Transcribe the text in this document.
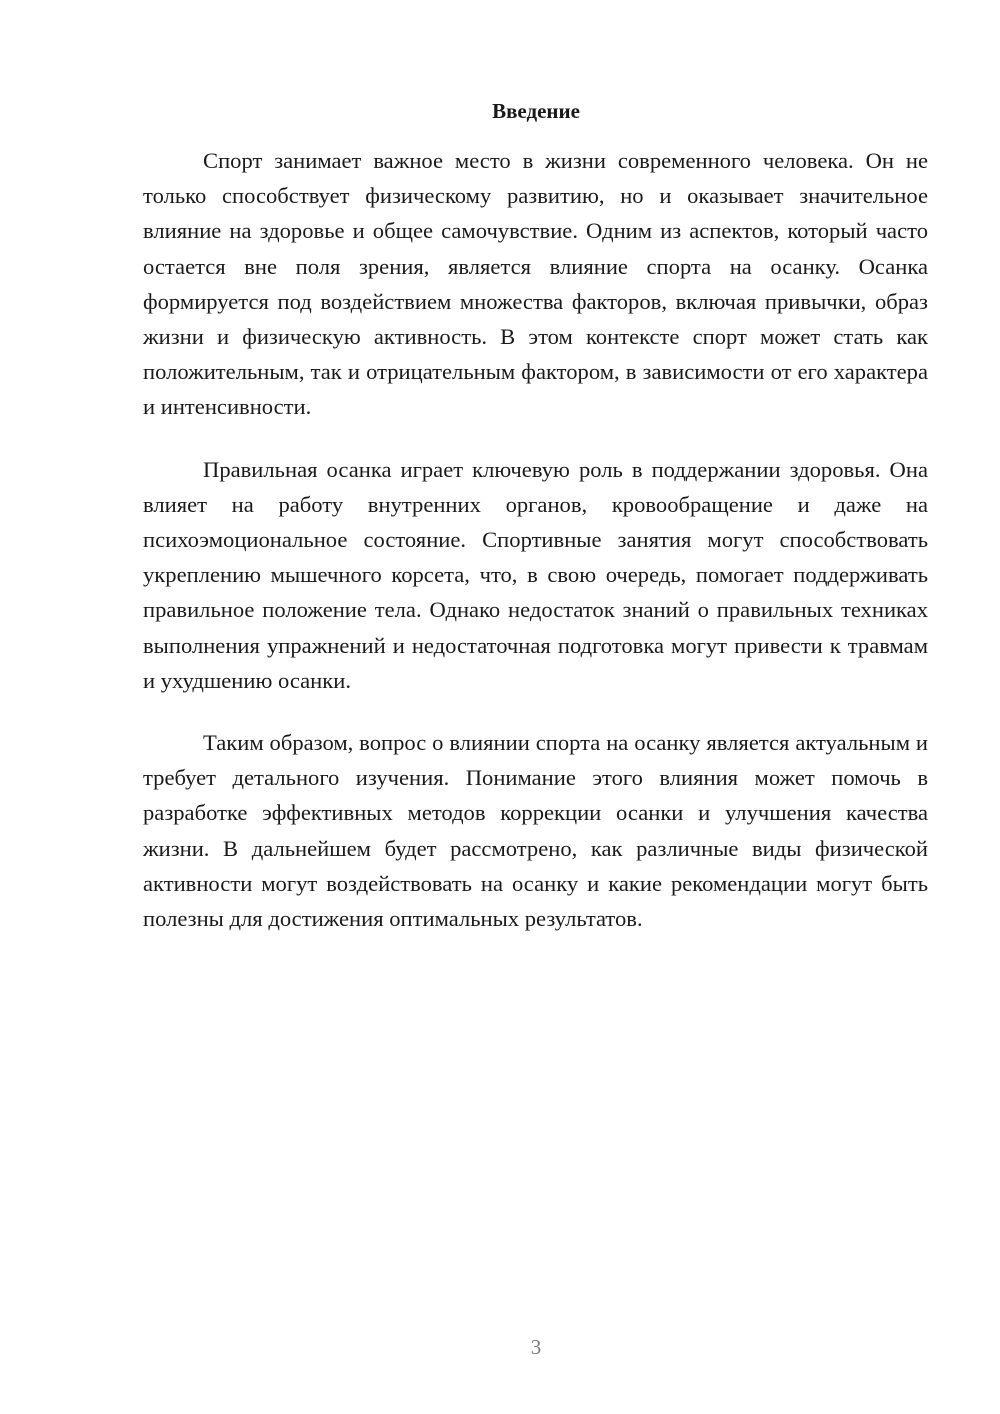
Введение

Спорт занимает важное место в жизни современного человека. Он не только способствует физическому развитию, но и оказывает значительное влияние на здоровье и общее самочувствие. Одним из аспектов, который часто остается вне поля зрения, является влияние спорта на осанку. Осанка формируется под воздействием множества факторов, включая привычки, образ жизни и физическую активность. В этом контексте спорт может стать как положительным, так и отрицательным фактором, в зависимости от его характера и интенсивности.

Правильная осанка играет ключевую роль в поддержании здоровья. Она влияет на работу внутренних органов, кровообращение и даже на психоэмоциональное состояние. Спортивные занятия могут способствовать укреплению мышечного корсета, что, в свою очередь, помогает поддерживать правильное положение тела. Однако недостаток знаний о правильных техниках выполнения упражнений и недостаточная подготовка могут привести к травмам и ухудшению осанки.

Таким образом, вопрос о влиянии спорта на осанку является актуальным и требует детального изучения. Понимание этого влияния может помочь в разработке эффективных методов коррекции осанки и улучшения качества жизни. В дальнейшем будет рассмотрено, как различные виды физической активности могут воздействовать на осанку и какие рекомендации могут быть полезны для достижения оптимальных результатов.

3
